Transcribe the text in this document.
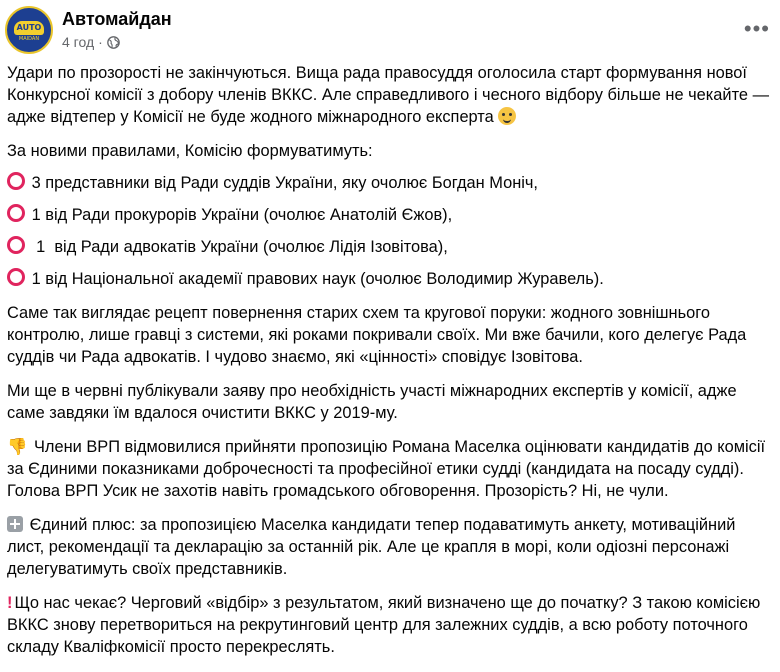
AUTO
MAIDAN
Автомайдан
4 год ·
•••

Удари по прозорості не закінчуються. Вища рада правосуддя оголосила старт формування нової Конкурсної комісії з добору членів ВККС. Але справедливого і чесного відбору більше не чекайте — адже відтепер у Комісії не буде жодного міжнародного експерта

За новими правилами, Комісію формуватимуть:

3 представники від Ради суддів України, яку очолює Богдан Моніч,

1 від Ради прокурорів України (очолює Анатолій Єжов),

1  від Ради адвокатів України (очолює Лідія Ізовітова),

1 від Національної академії правових наук (очолює Володимир Журавель).

Саме так виглядає рецепт повернення старих схем та кругової поруки: жодного зовнішнього контролю, лише гравці з системи, які роками покривали своїх. Ми вже бачили, кого делегує Рада суддів чи Рада адвокатів. І чудово знаємо, які «цінності» сповідує Ізовітова.

Ми ще в червні публікували заяву про необхідність участі міжнародних експертів у комісії, адже саме завдяки їм вдалося очистити ВККС у 2019-му.

👎 Члени ВРП відмовилися прийняти пропозицію Романа Маселка оцінювати кандидатів до комісії за Єдиними показниками доброчесності та професійної етики судді (кандидата на посаду судді). Голова ВРП Усик не захотів навіть громадського обговорення. Прозорість? Ні, не чули.

Єдиний плюс: за пропозицією Маселка кандидати тепер подаватимуть анкету, мотиваційний лист, рекомендації та декларацію за останній рік. Але це крапля в морі, коли одіозні персонажі делегуватимуть своїх представників.

! Що нас чекає? Черговий «відбір» з результатом, який визначено ще до початку? З такою комісією ВККС знову перетвориться на рекрутинговий центр для залежних суддів, а всю роботу поточного складу Кваліфкомісії просто перекреслять.
